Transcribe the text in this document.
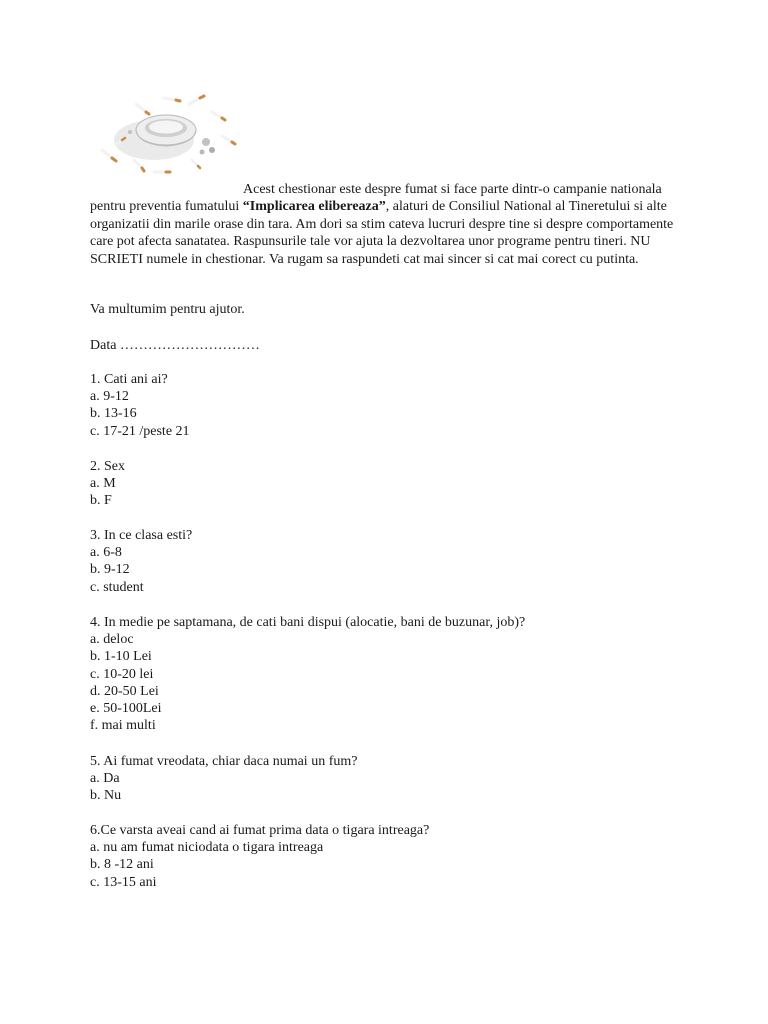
Acest chestionar este despre fumat si face parte dintr-o campanie nationala pentru preventia fumatului “Implicarea elibereaza”, alaturi de Consiliul National al Tineretului si alte organizatii din marile orase din tara. Am dori sa stim cateva lucruri despre tine si despre comportamente care pot afecta sanatatea. Raspunsurile tale vor ajuta la dezvoltarea unor programe pentru tineri. NU SCRIETI numele in chestionar. Va rugam sa raspundeti cat mai sincer si cat mai corect cu putinta.

Va multumim pentru ajutor.

Data …………………………

1. Cati ani ai?
a. 9-12
b. 13-16
c. 17-21 /peste 21
2. Sex
a. M
b. F
3. In ce clasa esti?
a. 6-8
b. 9-12
c. student
4. In medie pe saptamana, de cati bani dispui (alocatie, bani de buzunar, job)?
a. deloc
b. 1-10 Lei
c. 10-20 lei
d. 20-50 Lei
e. 50-100Lei
f. mai multi
5. Ai fumat vreodata, chiar daca numai un fum?
a. Da
b. Nu
6.Ce varsta aveai cand ai fumat prima data o tigara intreaga?
a. nu am fumat niciodata o tigara intreaga
b. 8 -12 ani
c. 13-15 ani
